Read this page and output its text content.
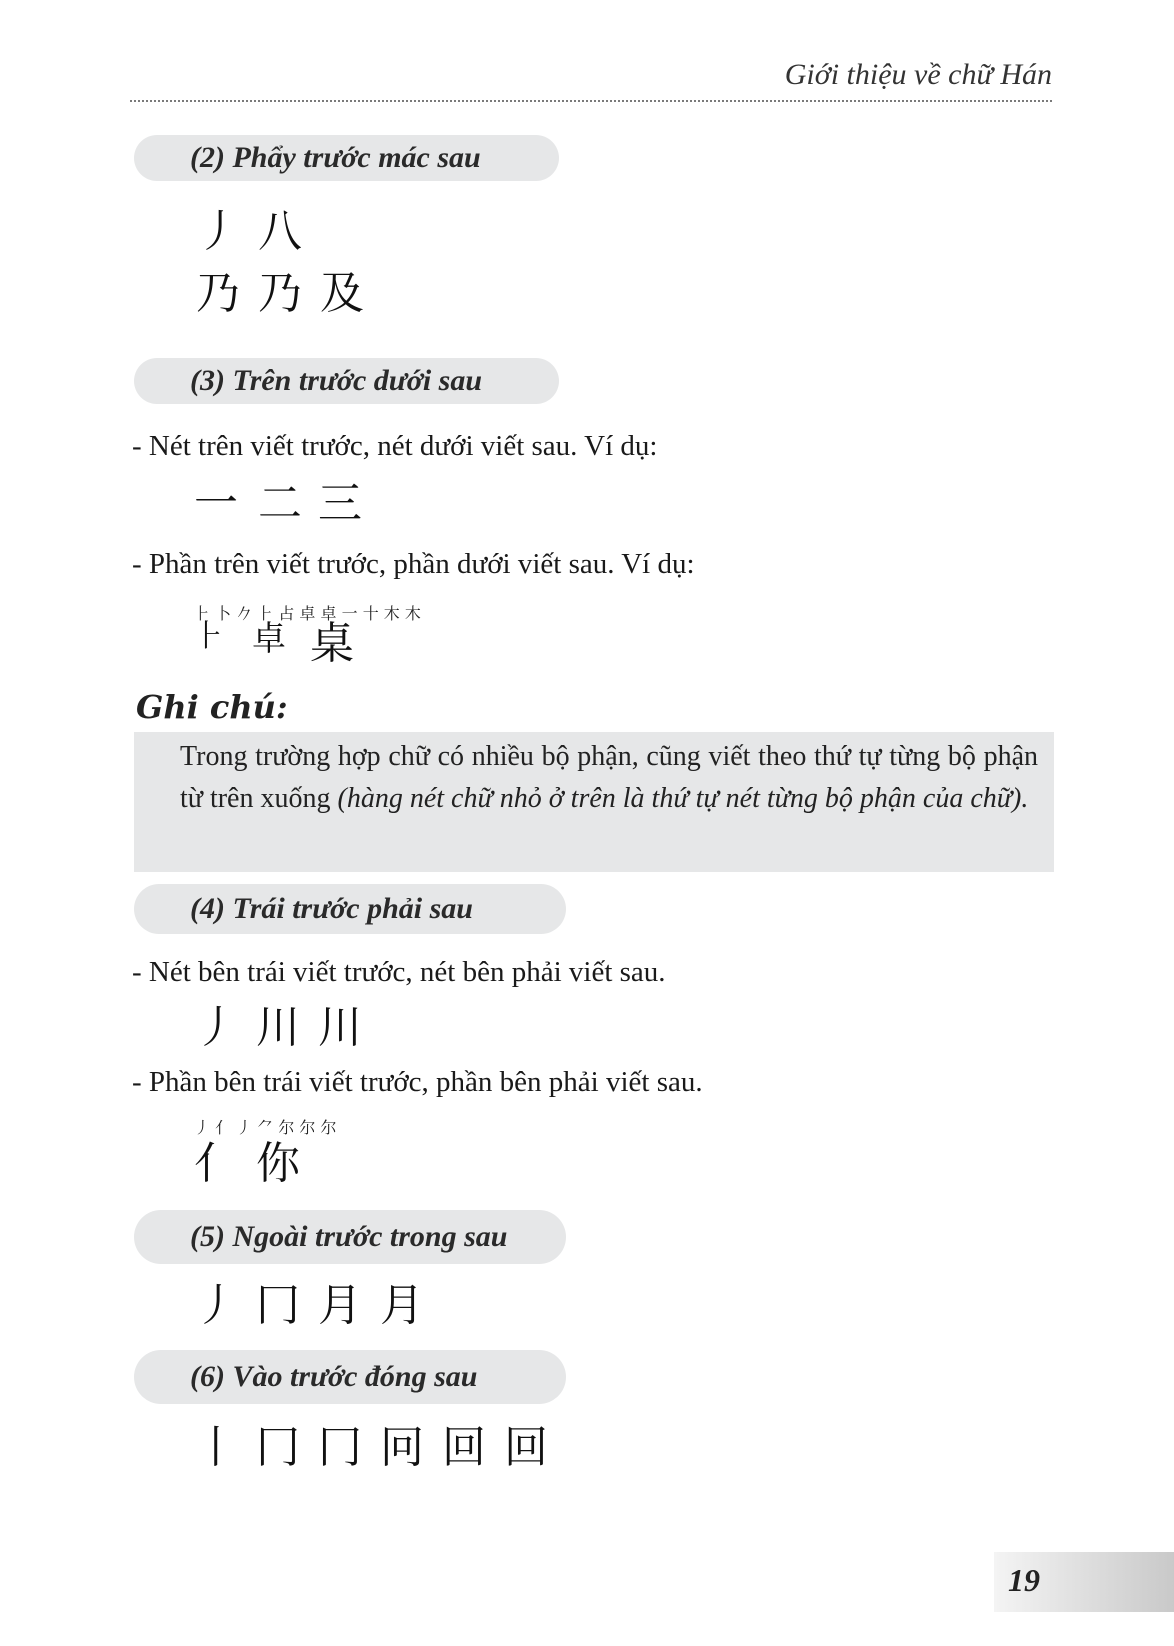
Giới thiệu về chữ Hán
(2) Phẩy trước mác sau
丿 八
乃 乃 及
(3) Trên trước dưới sau
- Nét trên viết trước, nét dưới viết sau. Ví dụ:
一 二 三
- Phần trên viết trước, phần dưới viết sau. Ví dụ:
⺊ 卜 𠂊 ⺊ 占 卓 卓 一 十 木 木
⺊ 卓 桌
Ghi chú:
Trong trường hợp chữ có nhiều bộ phận, cũng viết theo thứ tự từng bộ phận từ trên xuống (hàng nét chữ nhỏ ở trên là thứ tự nét từng bộ phận của chữ).
(4) Trái trước phải sau
- Nét bên trái viết trước, nét bên phải viết sau.
丿 川 川
- Phần bên trái viết trước, phần bên phải viết sau.
丿 亻 丿 ⺈ 尔 尔 尔
亻 你
(5) Ngoài trước trong sau
丿 冂 月 月
(6) Vào trước đóng sau
丨 冂 冂 冋 回 回
19
